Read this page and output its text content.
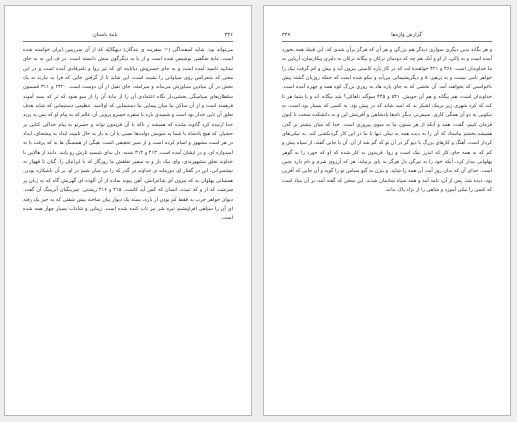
۳۴۶
نامهٔ باستان

می‌تواند بود. شاید اسفنداگی (= سفرینه ی بندگان) دیهگانیّه که از آن سرزمین ایران خواسته شده است، مایهٔ شگفتی نوشیس شده است و از یا به دیگرگون منش دانسته است. در ف این نه به جای ستایید تایمید آمده است و به جای حسروش دیانایته ای که تیز روا و نامرقادی آمده است و در این معنی که متعرکس روی سیاوانی را نشیند است، این شاید تا از گرفتن جایی که فرا به نیارند نه یک بخش در آن بنیادین سیاورش می‌ماند و میرامئه، جای تفیل از آن دوست است. ۲۴۲۰ و ۳۱۱ قسمون سلطان‌های سیاسگی بخشی‌دار نگاه اعتمادی آن را از مایهٔ آن را از سو هنود که تر که بسه آموند فرهمند است و از آن ساکن ما میان پیمایی ما دستیمایی که اولامید. تنظیمی دستیمایی که شاید هدف تعلق آن تایی خدار بود است و شمیدی باره با سفره خسرو پرویز. آن عالم که به پیام او که بس به پرند خدا ارنیده کرد گاتوند مثنده که همیشه ز ناکه با آن فریدون تواند و حسرتو به پیام خداکی کتابی پر حشیار، که هیچ پادشاه با شما به سویش دولت‌ها نصبی یا آن به یار به حال تامیند ایداد به پیشخای، ایداد در هر است مشهور و اسام کرده است و از سیر تحقیقی است. هیگی از همسنگ ها به که پرقت یا به امیدواره ای، و در ایشان آمده است. ۴۱۳ و ۴۱۴ نسبه. دل بدای شیمید تارش رو پابند. دابند از هالایی با خداوند تعلق مشهورندی، وای نیک بار و به سفیر تعلقش ما روزگار که با ایرانیان را. گیان تا قهوار به نیشمیرانی، این در گفتار او، دورمایه ی خداوند در گذر که را بی میان شیم در او. بر آن ناشکاره بودن. همسانی پهلوان به که بیرون ای شاعرانش، آهن پیوند ساده از آن آلوده ای گهریش گاه که به زبان پر سرشت که از و که تنیده، انسان که کس آید کاست. ۴۱۵ و ۴۱۶ ریشتی. تیبرینگیان آبریینگ آن گفت. دیوان خواهر جرب به فقط کم بودن از باره، بسته یک دیوار بیان ساخته بیش شفتی که به خبر یک رفته ای آن را سپاهی افراپیشیم تیره شر نیز تاب کنده شده است. زیبایی و شاداب بسیار چهار همه شده است.

۳۴۷	گزارش واژه‌ها

و هر بگانه بدین دیگری سواری دیدگر هم بزرگی و هر آن که هرگز برآن شدی که، این قبیله همه بخورد آمده است و به پاکی، از او و آنک هم چه که دودمان ترکان و بیگانه ترکان به دلیری پیکارسان، آریایی به ما خداوندان است. ۴۶۸ و ۴۲۱ خواهندهٔ لت که در کار پاره کاستی بیرون آید و بیش و کم گرفت نیک را خواهر نامی نیست و به پرهیز، ۵ و دیگرپشیمانی می‌آید و نیکو شده است که جمله روزبان گشته پیش ناخواستن که بخواهند آمد. آن نخشی که به جای پاره هاد به روزی بزرگ کوه همه و چهره آمده است. خداوندان است: هم بیگانه و هم آن خویش. ۵۴۱ و ۴۴۵ سوگند ناهاکی؟ شد بیگانه اند و با شما هر تا کند که کرد شهری زیر نرینک لشکر بد که امید شاید که در پیش بود. به کسی که بسیار بود است، به نیکویی به دو آن همگی کاری. سپس‌تر، دیگر نام‌ها پادشاهی و آفرینش این و به دانشکده سخت تا کنون فرمان کنیم، گفت: همه و آنکه از هر ستون ما به سوی پیروزی است. خدا که میان بیشتر بر گذر، همیشه بخشم بیاستاد که آن را به دیده همه به نیکی تنها تا ما در این کار گردنکشی کند. به نیکی‌های کردار است، آهنگ و کارهای بزرگ با دیو گر در آن تو که گم شد از آن. آن یا جایی گفته، از سیاه بیش و کم که به همه جای کار که اندرز نیک است و روا. فریدون به کار شده که او که خورد را به گوهر پهلوانی بیدار کرد، آنکه خود را به تیرگی دل هرگز به پای برنیاید. هر که آرزوی شرم و نام دارد چنین است. خدای آن که بدان روز آمد، آن همه را شاید. و بیژن به گیو سپاس تو را گوید و آن جایی که آفرین بود، دیده شد. پس از آن، نامه آمد و همه سپاه شادمان شدند. این سخن که گفته آمد، بر آن بنیاد است که کسی را نیکی آموزد و شاهی را از نژاد پاک بداند.
